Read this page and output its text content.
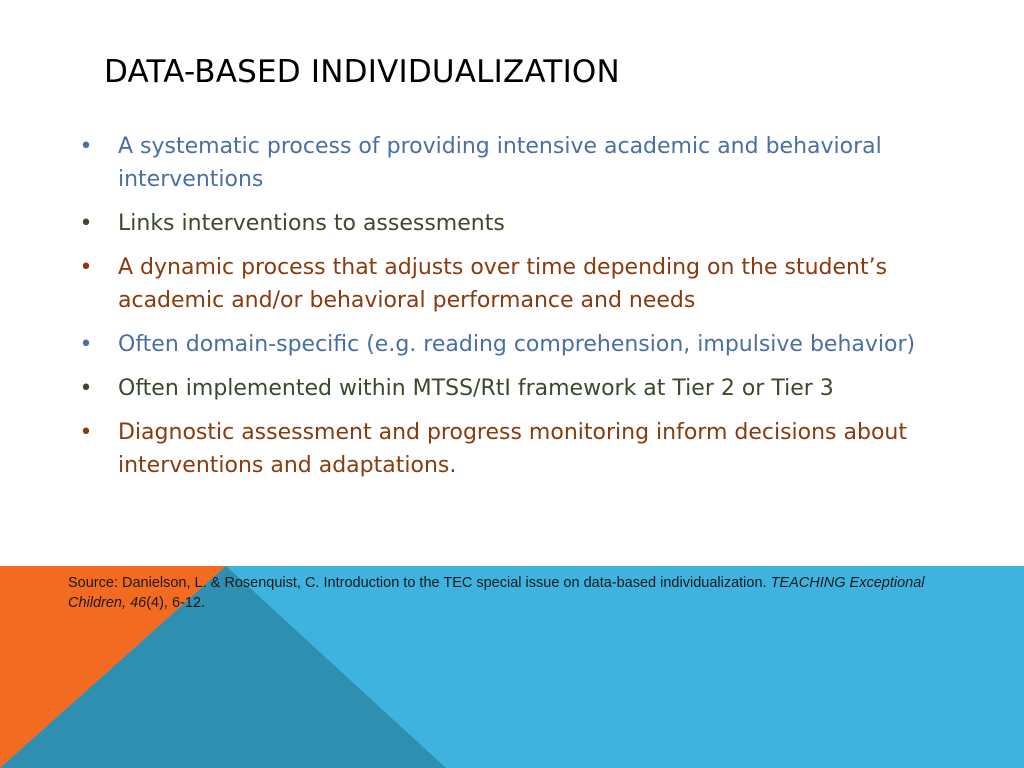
DATA-BASED INDIVIDUALIZATION
• A systematic process of providing intensive academic and behavioral interventions
• Links interventions to assessments
• A dynamic process that adjusts over time depending on the student’s academic and/or behavioral performance and needs
• Often domain-specific (e.g. reading comprehension, impulsive behavior)
• Often implemented within MTSS/RtI framework at Tier 2 or Tier 3
• Diagnostic assessment and progress monitoring inform decisions about interventions and adaptations.

Source: Danielson, L. & Rosenquist, C. Introduction to the TEC special issue on data-based individualization. TEACHING Exceptional Children, 46(4), 6-12.
